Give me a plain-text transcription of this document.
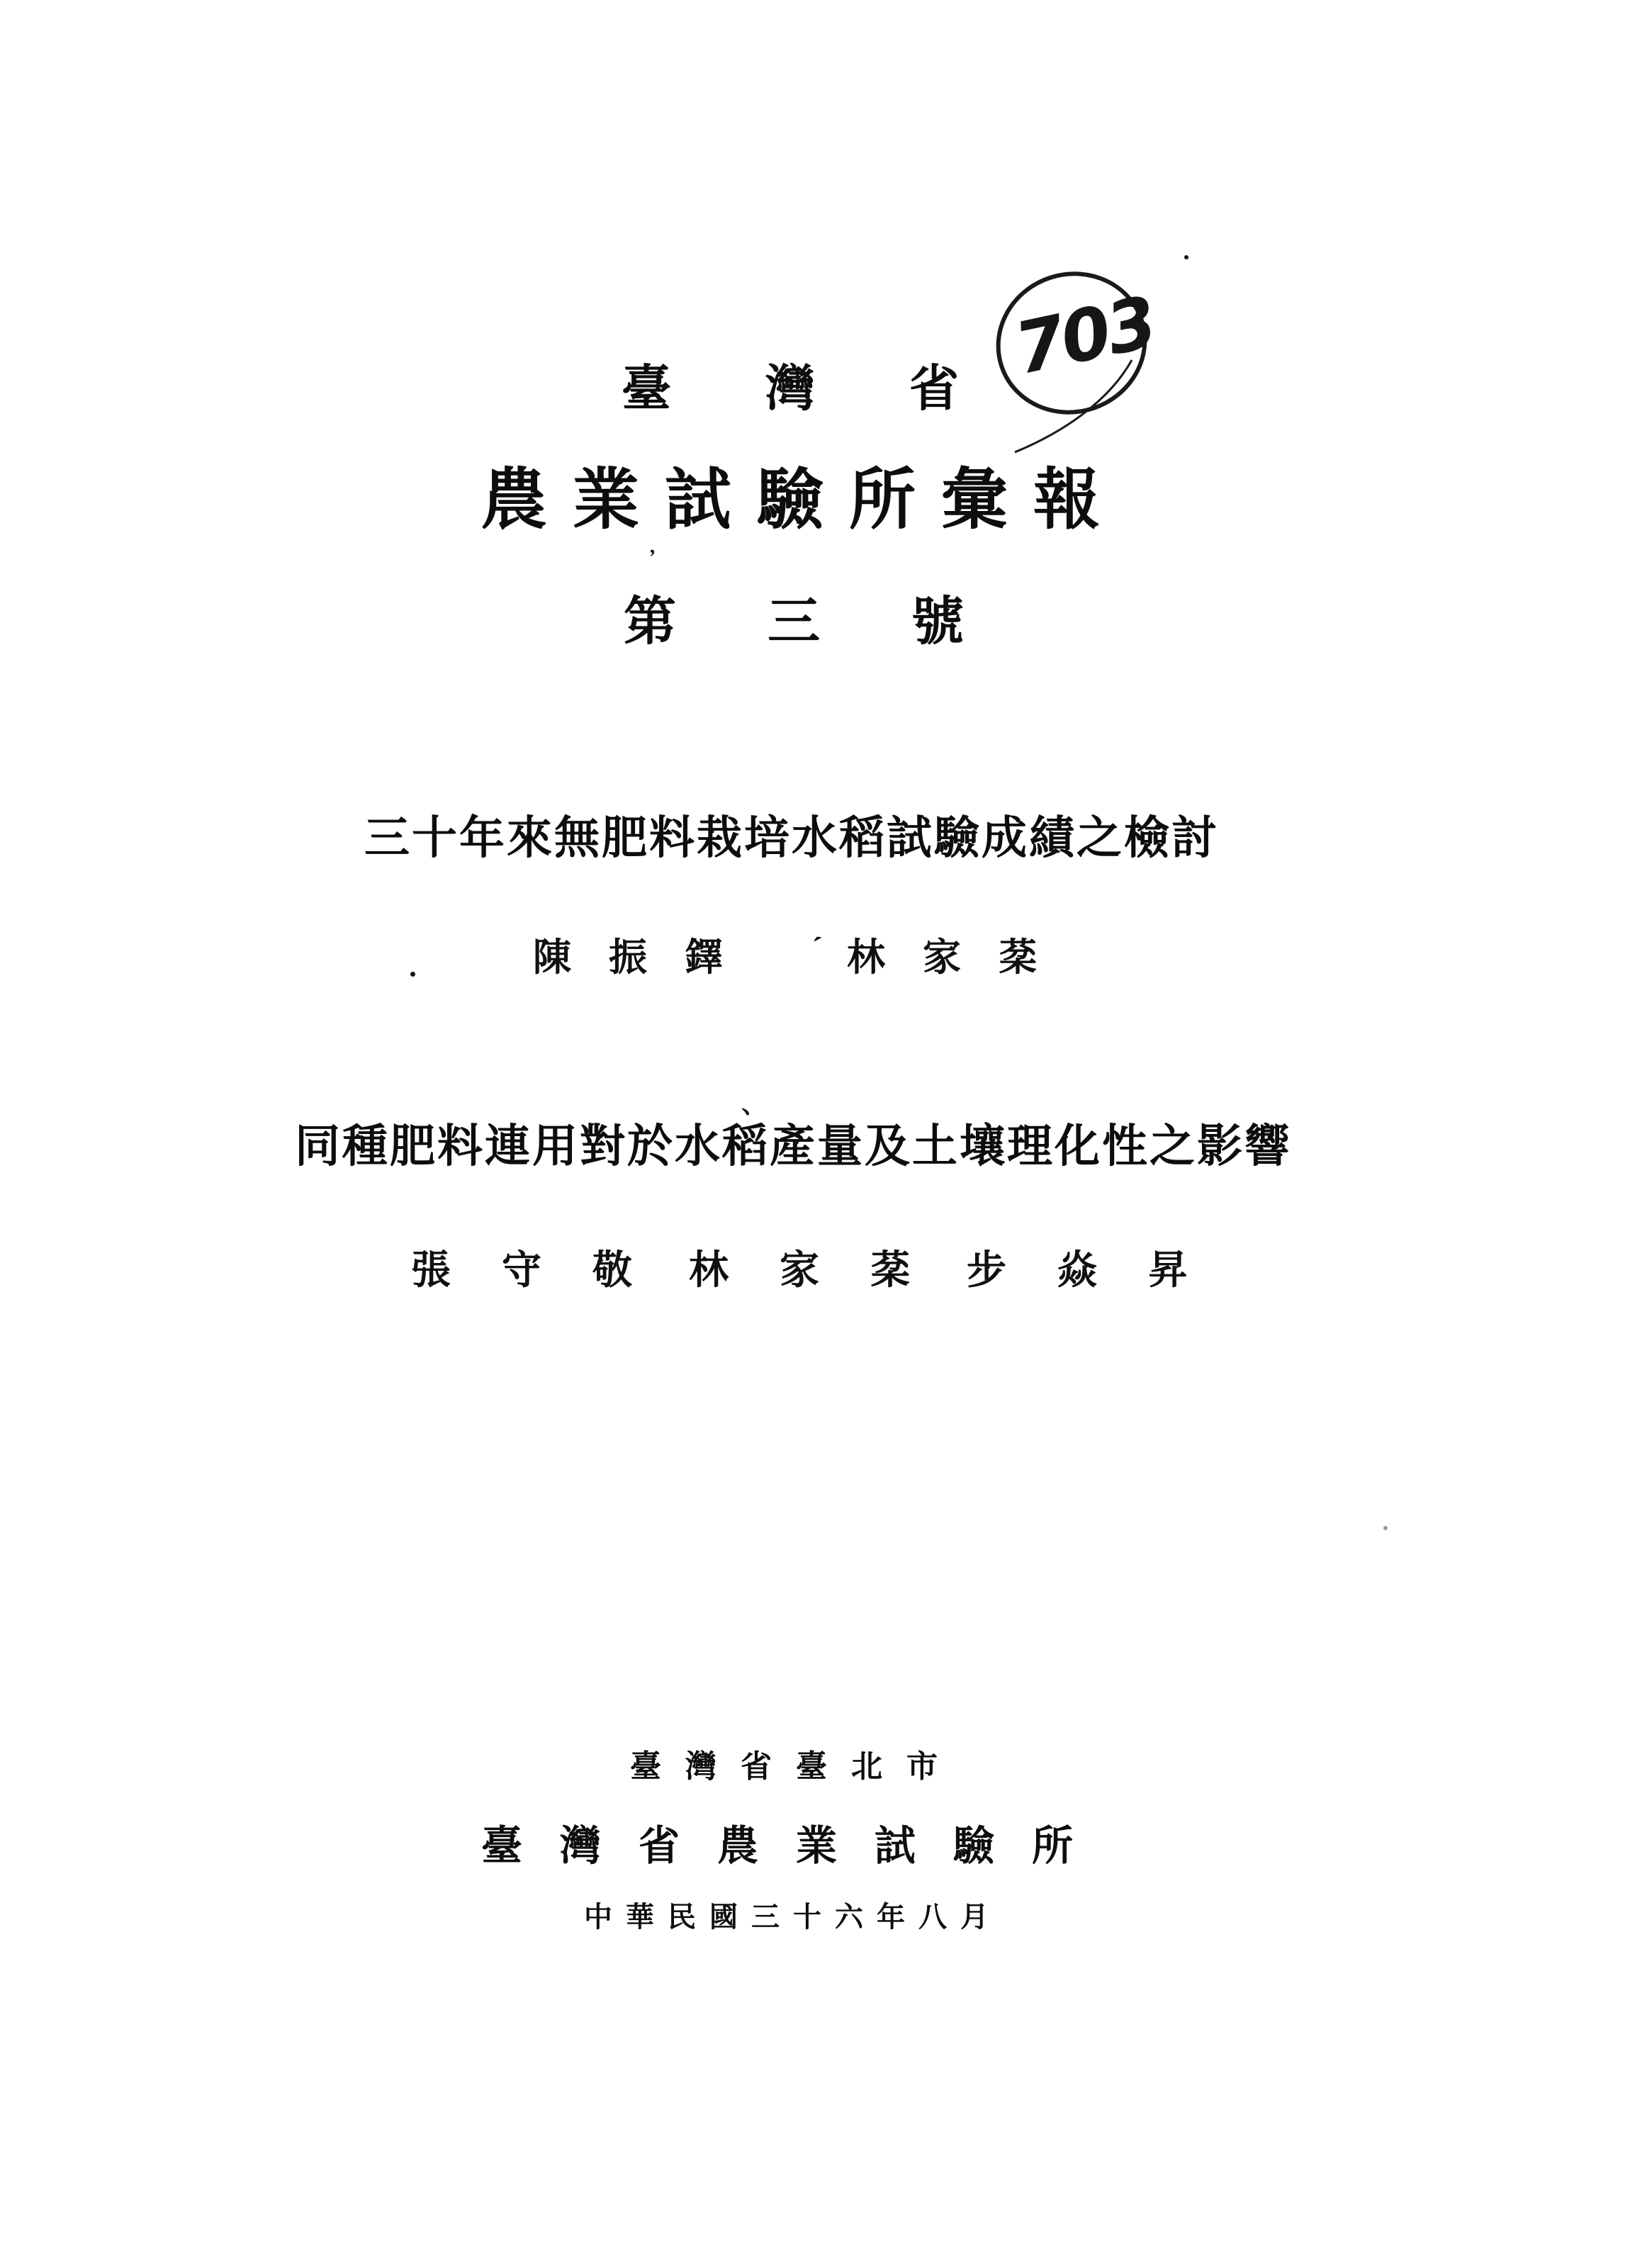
臺灣省
703
農業試驗所彙報
,
第三號
三十年來無肥料栽培水稻試驗成績之檢討
ˊ
陳振鐸 林家棻
、
同種肥料連用對於水稻產量及土壤理化性之影響
張守敬 林家棻 步焱昇
臺灣省臺北市
臺灣省農業試驗所
中華民國三十六年八月
